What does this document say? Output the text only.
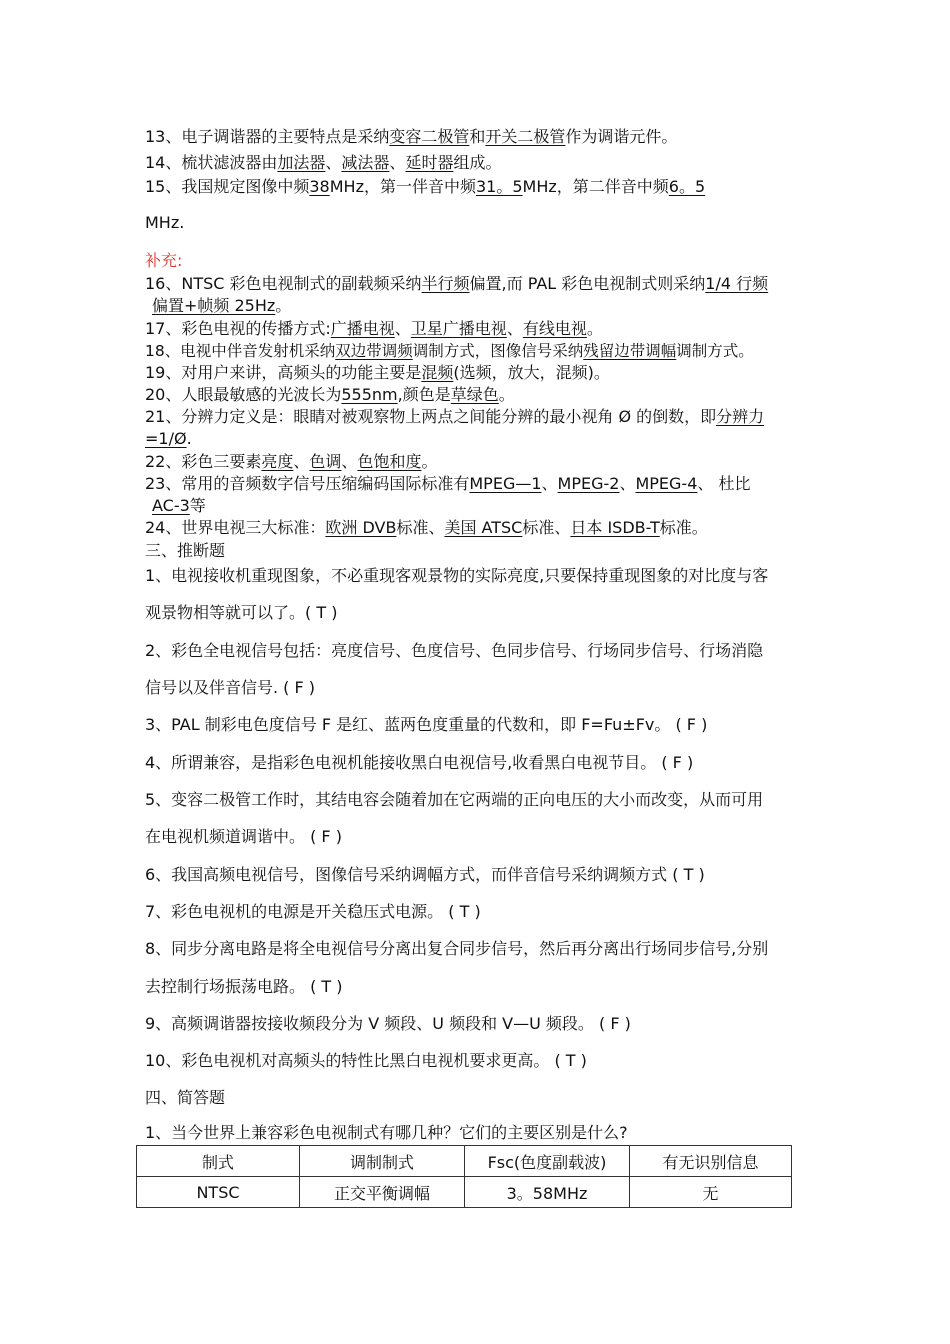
13、电子调谐器的主要特点是采纳变容二极管和开关二极管作为调谐元件。
14、梳状滤波器由加法器、减法器、延时器组成。
15、我国规定图像中频38MHz，第一伴音中频31。5MHz，第二伴音中频6。5
MHz.
补充:
16、NTSC 彩色电视制式的副载频采纳半行频偏置,而 PAL 彩色电视制式则采纳1/4 行频
偏置+帧频 25Hz。
17、彩色电视的传播方式:广播电视、卫星广播电视、有线电视。
18、电视中伴音发射机采纳双边带调频调制方式，图像信号采纳残留边带调幅调制方式。
19、对用户来讲，高频头的功能主要是混频(选频，放大，混频)。
20、人眼最敏感的光波长为555nm,颜色是草绿色。
21、分辨力定义是：眼睛对被观察物上两点之间能分辨的最小视角 Ø 的倒数，即分辨力
=1/Ø.
22、彩色三要素亮度、色调、色饱和度。
23、常用的音频数字信号压缩编码国际标准有MPEG—1、MPEG-2、MPEG-4、 杜比
AC-3等
24、世界电视三大标准：欧洲 DVB标准、美国 ATSC标准、日本 ISDB-T标准。
三、推断题
1、电视接收机重现图象，不必重现客观景物的实际亮度,只要保持重现图象的对比度与客
观景物相等就可以了。( T )
2、彩色全电视信号包括：亮度信号、色度信号、色同步信号、行场同步信号、行场消隐
信号以及伴音信号. ( F )
3、PAL 制彩电色度信号 F 是红、蓝两色度重量的代数和，即 F=Fu±Fv。 ( F )
4、所谓兼容，是指彩色电视机能接收黑白电视信号,收看黑白电视节目。 ( F )
5、变容二极管工作时，其结电容会随着加在它两端的正向电压的大小而改变，从而可用
在电视机频道调谐中。 ( F )
6、我国高频电视信号，图像信号采纳调幅方式，而伴音信号采纳调频方式 ( T )
7、彩色电视机的电源是开关稳压式电源。 ( T )
8、同步分离电路是将全电视信号分离出复合同步信号，然后再分离出行场同步信号,分别
去控制行场振荡电路。 ( T )
9、高频调谐器按接收频段分为 V 频段、U 频段和 V—U 频段。 ( F )
10、彩色电视机对高频头的特性比黑白电视机要求更高。 ( T )
四、简答题
1、当今世界上兼容彩色电视制式有哪几种？它们的主要区别是什么?
制式	调制制式	Fsc(色度副载波)	有无识别信息
NTSC	正交平衡调幅	3。58MHz	无
